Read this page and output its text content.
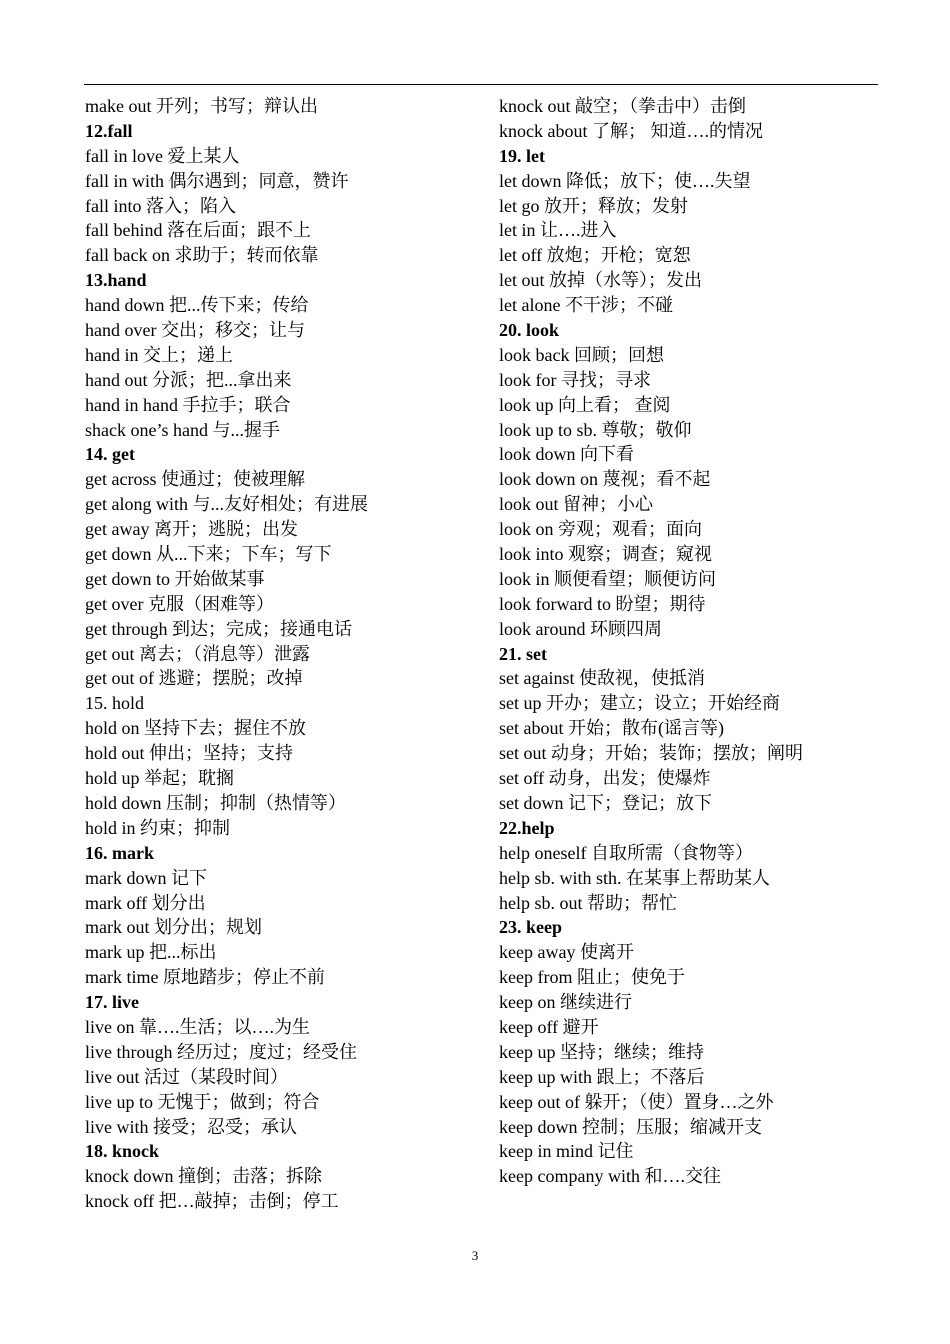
make out 开列；书写；辩认出
12.fall
fall in love 爱上某人
fall in with 偶尔遇到；同意，赞许
fall into 落入；陷入
fall behind 落在后面；跟不上
fall back on 求助于；转而依靠
13.hand
hand down 把...传下来；传给
hand over 交出；移交；让与
hand in 交上；递上
hand out 分派；把...拿出来
hand in hand 手拉手；联合
shack one’s hand 与...握手
14. get
get across 使通过；使被理解
get along with 与...友好相处；有进展
get away 离开；逃脱；出发
get down 从...下来；下车；写下
get down to 开始做某事
get over 克服（困难等）
get through 到达；完成；接通电话
get out 离去；（消息等）泄露
get out of 逃避；摆脱；改掉
15. hold
hold on 坚持下去；握住不放
hold out 伸出；坚持；支持
hold up 举起；耽搁
hold down 压制；抑制（热情等）
hold in 约束；抑制
16. mark
mark down 记下
mark off 划分出
mark out 划分出；规划
mark up 把...标出
mark time 原地踏步；停止不前
17. live
live on 靠….生活；以….为生
live through 经历过；度过；经受住
live out 活过（某段时间）
live up to 无愧于；做到；符合
live with 接受；忍受；承认
18. knock
knock down 撞倒；击落；拆除
knock off 把…敲掉；击倒；停工
knock out 敲空；（拳击中）击倒
knock about 了解； 知道….的情况
19. let
let down 降低；放下；使….失望
let go 放开；释放；发射
let in 让….进入
let off 放炮；开枪；宽恕
let out 放掉（水等）；发出
let alone 不干涉；不碰
20. look
look back 回顾；回想
look for 寻找；寻求
look up 向上看； 查阅
look up to sb. 尊敬；敬仰
look down 向下看
look down on 蔑视；看不起
look out 留神；小心
look on 旁观；观看；面向
look into 观察；调查；窥视
look in 顺便看望；顺便访问
look forward to 盼望；期待
look around 环顾四周
21. set
set against 使敌视，使抵消
set up 开办；建立；设立；开始经商
set about 开始；散布(谣言等)
set out 动身；开始；装饰；摆放；阐明
set off 动身，出发；使爆炸
set down 记下；登记；放下
22.help
help oneself 自取所需（食物等）
help sb. with sth. 在某事上帮助某人
help sb. out 帮助；帮忙
23. keep
keep away 使离开
keep from 阻止；使免于
keep on 继续进行
keep off 避开
keep up 坚持；继续；维持
keep up with 跟上；不落后
keep out of 躲开；（使）置身…之外
keep down 控制；压服；缩减开支
keep in mind 记住
keep company with 和….交往
3
